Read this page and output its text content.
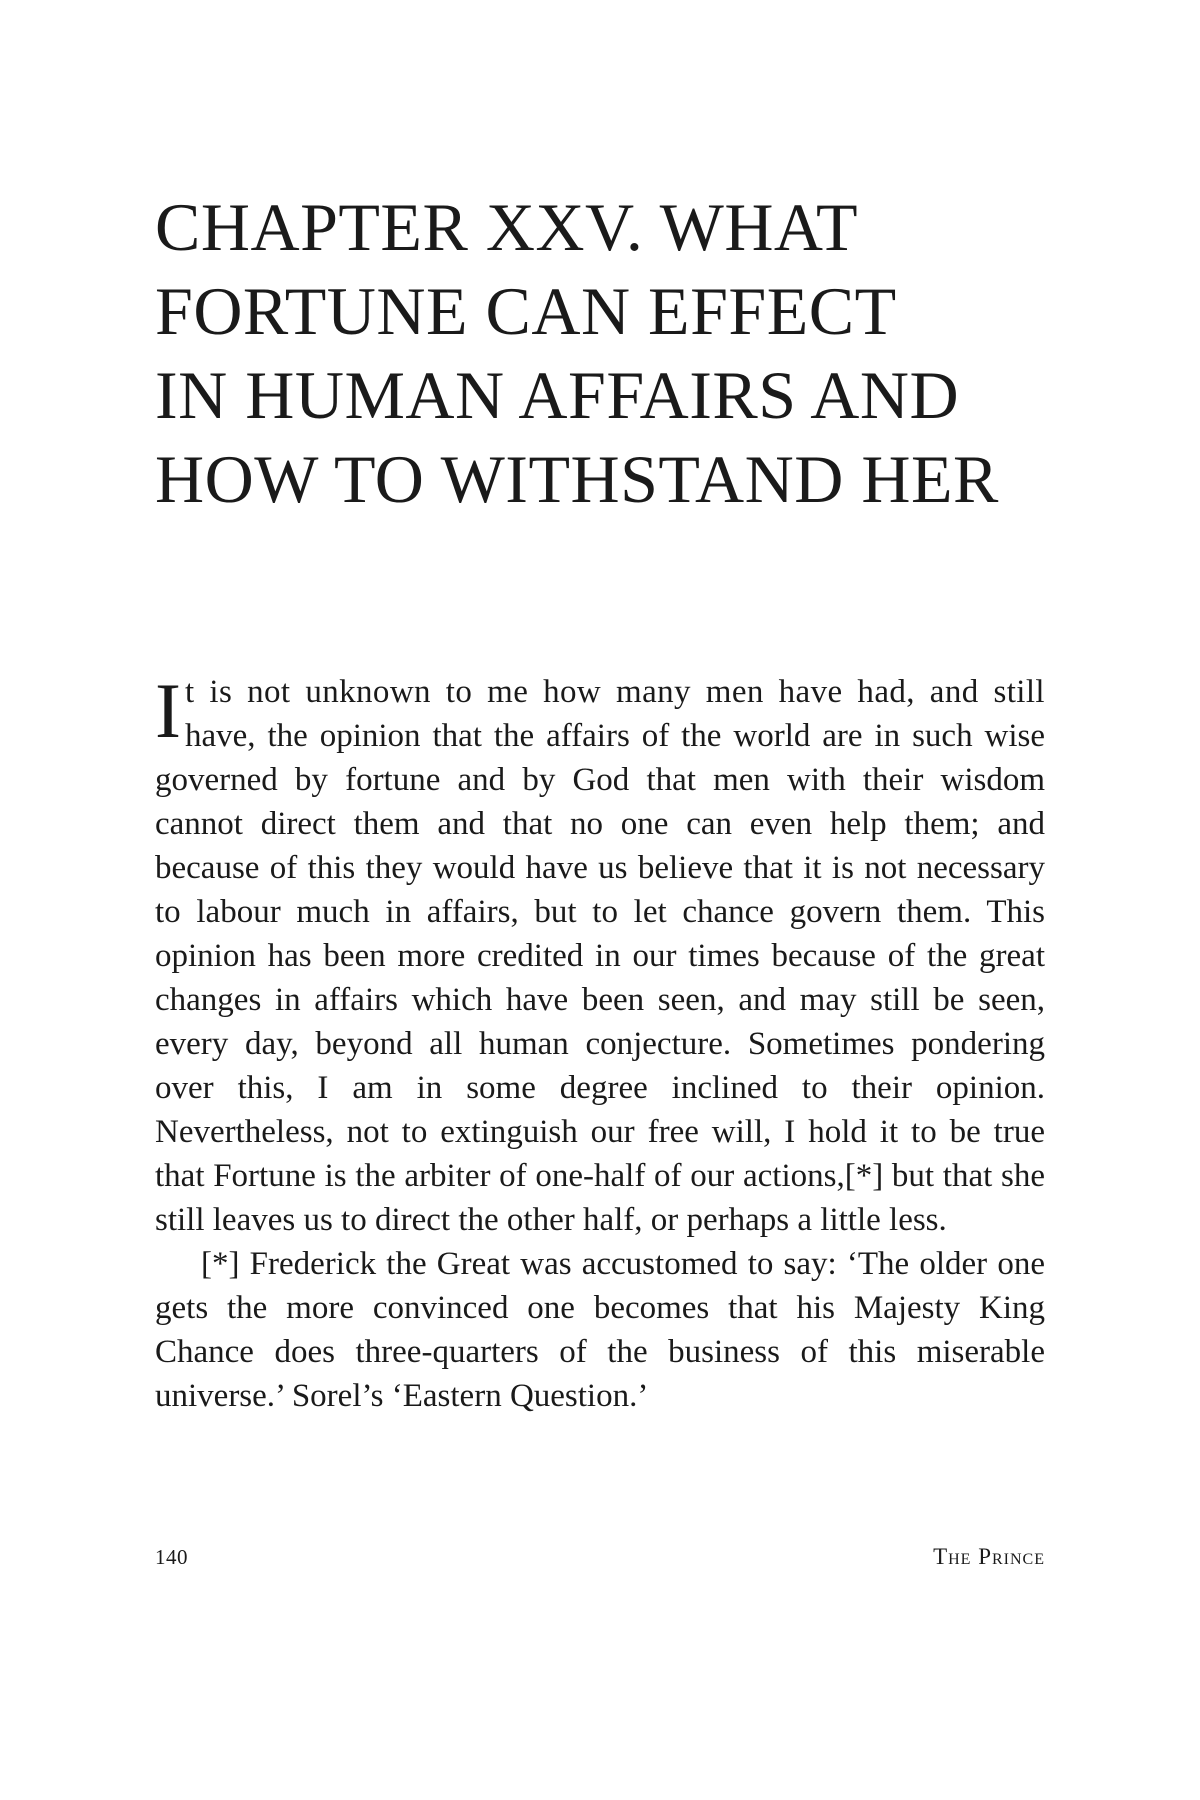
CHAPTER XXV. WHAT
FORTUNE CAN EFFECT
IN HUMAN AFFAIRS AND
HOW TO WITHSTAND HER

It is not unknown to me how many men have had, and still have, the opinion that the affairs of the world are in such wise governed by fortune and by God that men with their wisdom cannot direct them and that no one can even help them; and because of this they would have us believe that it is not necessary to labour much in affairs, but to let chance govern them. This opinion has been more credited in our times because of the great changes in affairs which have been seen, and may still be seen, every day, beyond all human conjecture. Sometimes pondering over this, I am in some degree inclined to their opinion. Nevertheless, not to extinguish our free will, I hold it to be true that Fortune is the arbiter of one-half of our actions,[*] but that she still leaves us to direct the other half, or perhaps a little less.

[*] Frederick the Great was accustomed to say: ‘The older one gets the more convinced one becomes that his Majesty King Chance does three-quarters of the business of this miserable universe.’ Sorel’s ‘Eastern Question.’

140	The Prince
